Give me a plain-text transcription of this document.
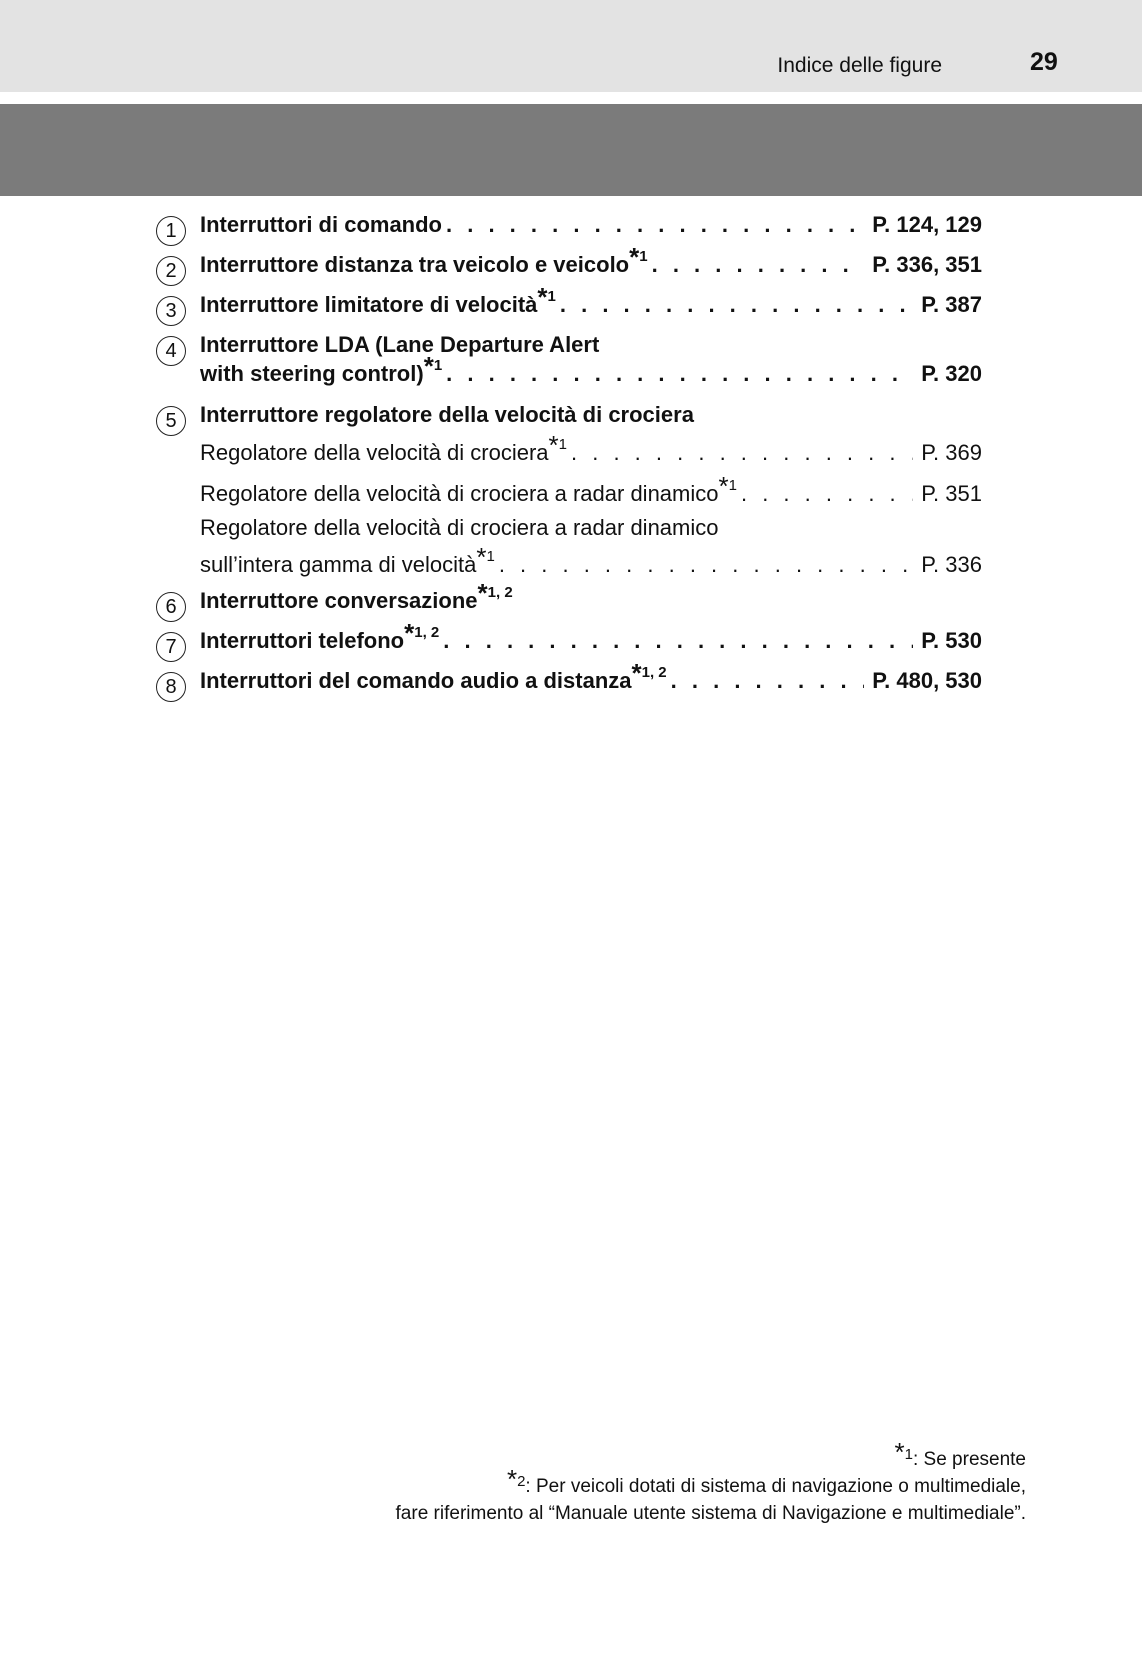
Indice delle figure	29
1	Interruttori di comando . . .	P. 124, 129
2	Interruttore distanza tra veicolo e veicolo*$^1$ . . .	P. 336, 351
3	Interruttore limitatore di velocità*$^1$ . . .	P. 387
4	Interruttore LDA (Lane Departure Alert
with steering control)*$^1$ . . .	P. 320
5	Interruttore regolatore della velocità di crociera
Regolatore della velocità di crociera*$^1$ . . .	P. 369
Regolatore della velocità di crociera a radar dinamico*$^1$ . . .	P. 351
Regolatore della velocità di crociera a radar dinamico
sull’intera gamma di velocità*$^1$ . . .	P. 336
6	Interruttore conversazione*$^{1, 2}$
7	Interruttori telefono*$^{1, 2}$ . . .	P. 530
8	Interruttori del comando audio a distanza*$^{1, 2}$ . . .	P. 480, 530
*$^1$: Se presente
*$^2$: Per veicoli dotati di sistema di navigazione o multimediale,
fare riferimento al “Manuale utente sistema di Navigazione e multimediale”.
